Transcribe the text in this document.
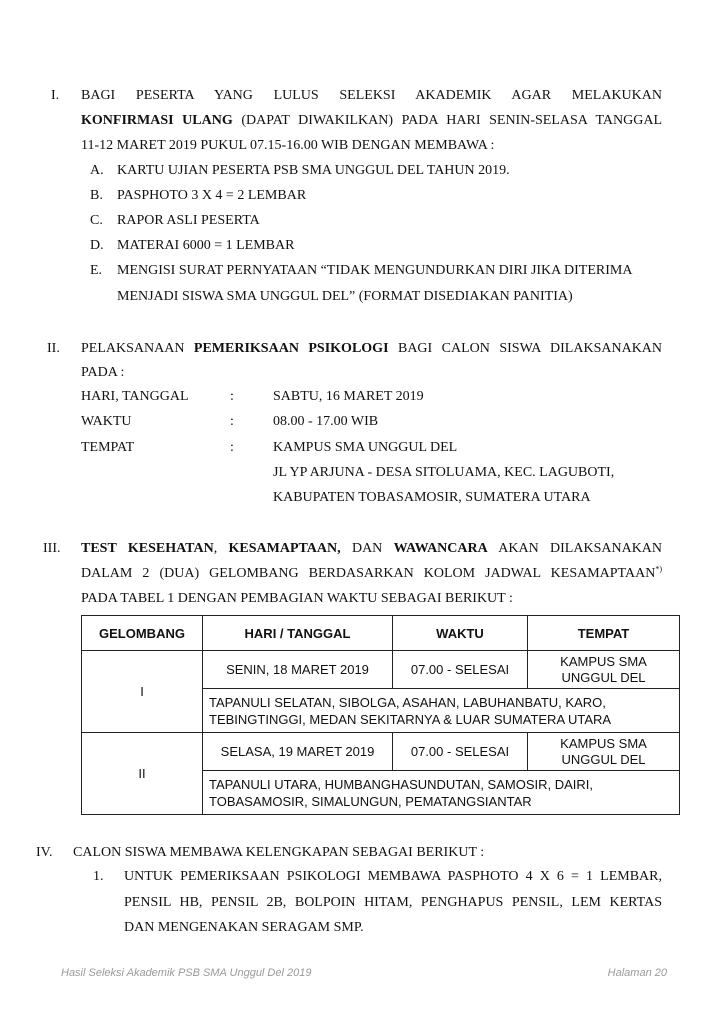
I. BAGI PESERTA YANG LULUS SELEKSI AKADEMIK AGAR MELAKUKAN
KONFIRMASI ULANG (DAPAT DIWAKILKAN) PADA HARI SENIN-SELASA TANGGAL
11-12 MARET 2019 PUKUL 07.15-16.00 WIB DENGAN MEMBAWA :
A. KARTU UJIAN PESERTA PSB SMA UNGGUL DEL TAHUN 2019.
B. PASPHOTO 3 X 4 = 2 LEMBAR
C. RAPOR ASLI PESERTA
D. MATERAI 6000 = 1 LEMBAR
E. MENGISI SURAT PERNYATAAN “TIDAK MENGUNDURKAN DIRI JIKA DITERIMA
MENJADI SISWA SMA UNGGUL DEL” (FORMAT DISEDIAKAN PANITIA)
II. PELAKSANAAN PEMERIKSAAN PSIKOLOGI BAGI CALON SISWA DILAKSANAKAN
PADA :
HARI, TANGGAL	:	SABTU, 16 MARET 2019
WAKTU	:	08.00 - 17.00 WIB
TEMPAT	:	KAMPUS SMA UNGGUL DEL
JL YP ARJUNA - DESA SITOLUAMA, KEC. LAGUBOTI,
KABUPATEN TOBASAMOSIR, SUMATERA UTARA
III. TEST KESEHATAN, KESAMAPTAAN, DAN WAWANCARA AKAN DILAKSANAKAN
DALAM 2 (DUA) GELOMBANG BERDASARKAN KOLOM JADWAL KESAMAPTAAN*)
PADA TABEL 1 DENGAN PEMBAGIAN WAKTU SEBAGAI BERIKUT :
GELOMBANG	HARI / TANGGAL	WAKTU	TEMPAT
I	SENIN, 18 MARET 2019	07.00 - SELESAI	KAMPUS SMA
UNGGUL DEL
	TAPANULI SELATAN, SIBOLGA, ASAHAN, LABUHANBATU, KARO,
TEBINGTINGGI, MEDAN SEKITARNYA & LUAR SUMATERA UTARA		
II	SELASA, 19 MARET 2019	07.00 - SELESAI	KAMPUS SMA
UNGGUL DEL
	TAPANULI UTARA, HUMBANGHASUNDUTAN, SAMOSIR, DAIRI,
TOBASAMOSIR, SIMALUNGUN, PEMATANGSIANTAR		
IV. CALON SISWA MEMBAWA KELENGKAPAN SEBAGAI BERIKUT :
1. UNTUK PEMERIKSAAN PSIKOLOGI MEMBAWA PASPHOTO 4 X 6 = 1 LEMBAR,
PENSIL HB, PENSIL 2B, BOLPOIN HITAM, PENGHAPUS PENSIL, LEM KERTAS
DAN MENGENAKAN SERAGAM SMP.
Hasil Seleksi Akademik PSB SMA Unggul Del 2019	Halaman 20
